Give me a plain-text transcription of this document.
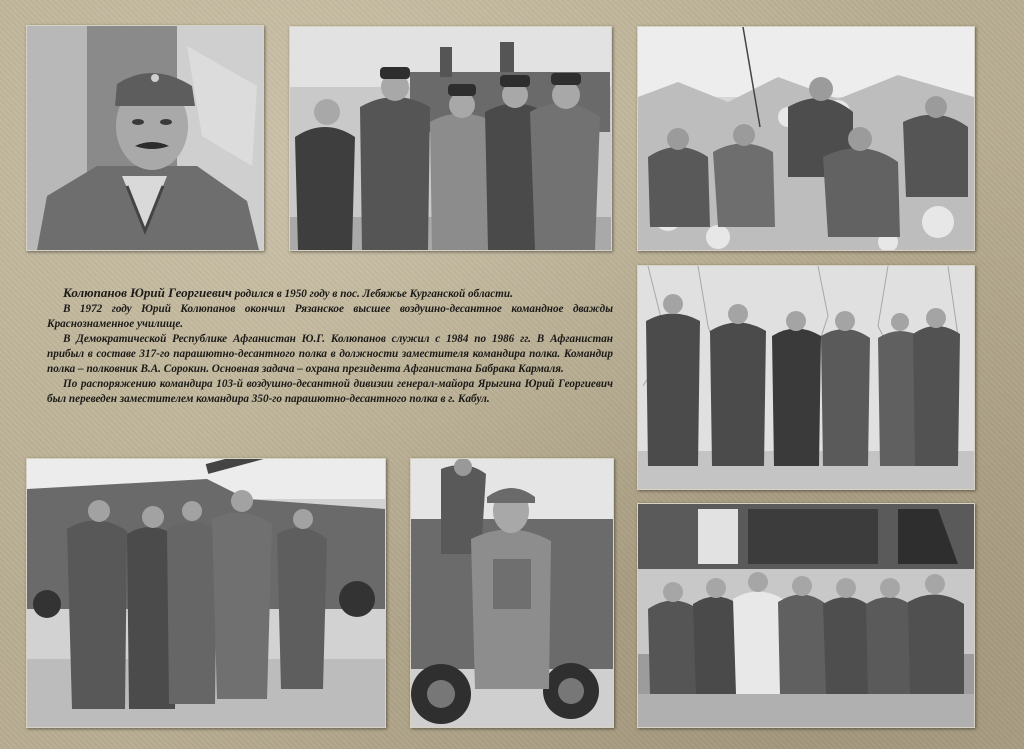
Колюпанов Юрий Георгиевич родился в 1950 году в пос. Лебяжье Курганской области.

В 1972 году Юрий Колюпанов окончил Рязанское высшее воздушно-десантное командное дважды Краснознаменное училище.

В Демократической Республике Афганистан Ю.Г. Колюпанов служил с 1984 по 1986 гг. В Афганистан прибыл в составе 317-го парашютно-десантного полка в должности заместителя командира полка. Командир полка – полковник В.А. Сорокин. Основная задача – охрана президента Афганистана Бабрака Кармаля.

По распоряжению командира 103-й воздушно-десантной дивизии генерал-майора Ярыгина Юрий Георгиевич был переведен заместителем командира 350-го парашютно-десантного полка в г. Кабул.
